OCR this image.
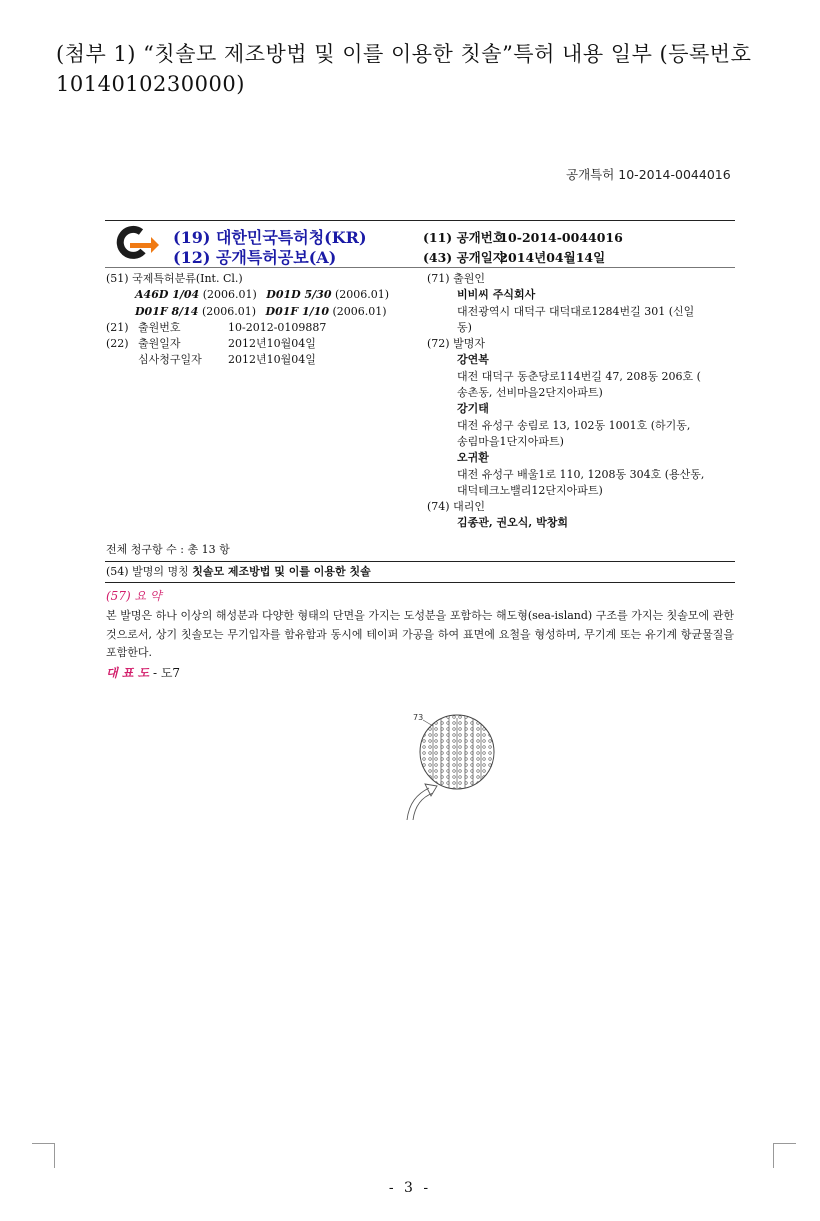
(첨부 1) “칫솔모 제조방법 및 이를 이용한 칫솔”특허 내용 일부 (등록번호
1014010230000)
공개특허 10-2014-0044016
(19) 대한민국특허청(KR)
(12) 공개특허공보(A)
(11) 공개번호 10-2014-0044016
(43) 공개일자 2014년04월14일
(51) 국제특허분류(Int. Cl.)
A46D 1/04 (2006.01) D01D 5/30 (2006.01)
D01F 8/14 (2006.01) D01F 1/10 (2006.01)
(21) 출원번호	10-2012-0109887
(22) 출원일자	2012년10월04일
심사청구일자 2012년10월04일
(71) 출원인
비비씨 주식회사
대전광역시 대덕구 대덕대로1284번길 301 (신일
동)
(72) 발명자
강연복
대전 대덕구 동춘당로114번길 47, 208동 206호 (
송촌동, 선비마을2단지아파트)
강기태
대전 유성구 송림로 13, 102동 1001호 (하기동,
송림마을1단지아파트)
오귀환
대전 유성구 배울1로 110, 1208동 304호 (용산동,
대덕테크노밸리12단지아파트)
(74) 대리인
김종관, 권오식, 박창희
전체 청구항 수 : 총 13 항
(54) 발명의 명칭 칫솔모 제조방법 및 이를 이용한 칫솔
(57) 요 약
본 발명은 하나 이상의 해성분과 다양한 형태의 단면을 가지는 도성분을 포함하는 해도형(sea-island) 구조를 가지는 칫솔모에 관한 것으로서, 상기 칫솔모는 무기입자를 함유함과 동시에 테이퍼 가공을 하여 표면에 요철을 형성하며, 무기계 또는 유기계 항균물질을 포함한다.
대 표 도 - 도7
73
- 3 -
